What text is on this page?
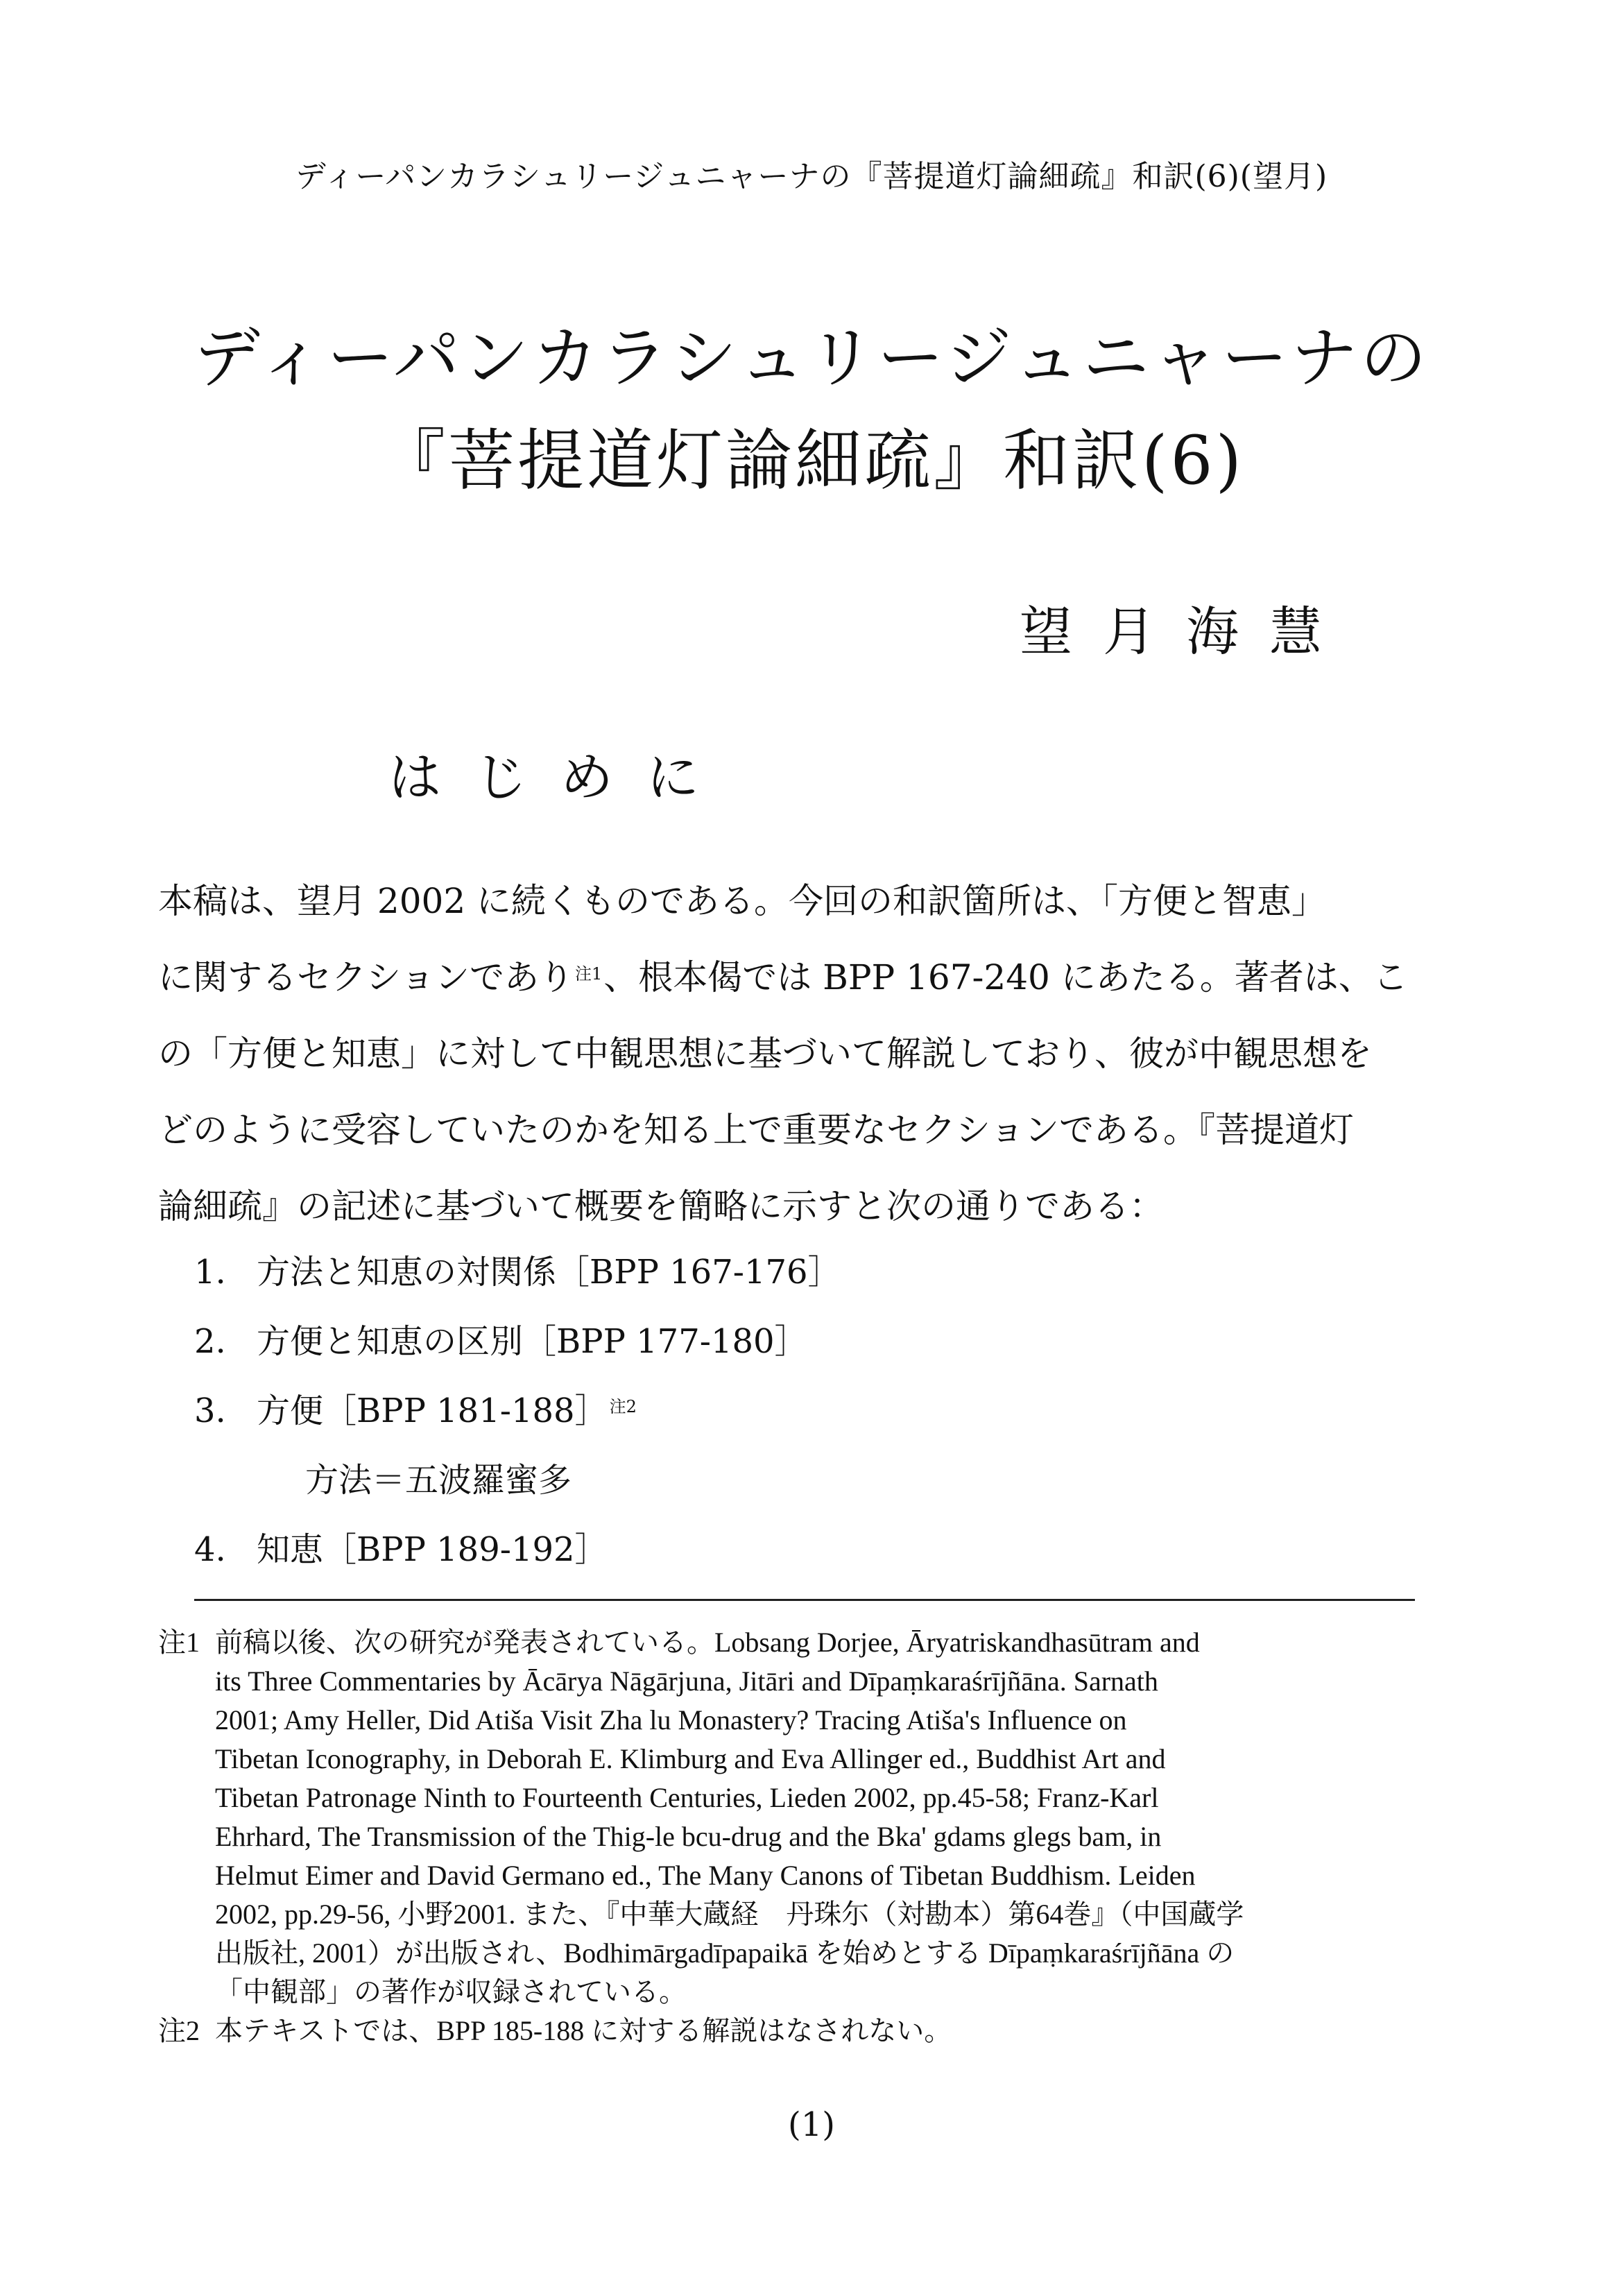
ディーパンカラシュリージュニャーナの『菩提道灯論細疏』和訳(6)(望月)
ディーパンカラシュリージュニャーナの
『菩提道灯論細疏』和訳(6)
望月海慧
はじめに
本稿は、望月 2002 に続くものである。今回の和訳箇所は、「方便と智恵」
に関するセクションであり$^{注1}$、根本偈では BPP 167-240 にあたる。著者は、こ
の「方便と知恵」に対して中観思想に基づいて解説しており、彼が中観思想を
どのように受容していたのかを知る上で重要なセクションである。『菩提道灯
論細疏』の記述に基づいて概要を簡略に示すと次の通りである：
1. 方法と知恵の対関係［BPP 167-176］
2. 方便と知恵の区別［BPP 177-180］
3. 方便［BPP 181-188］$^{注2}$
方法＝五波羅蜜多
4. 知恵［BPP 189-192］
注1 前稿以後、次の研究が発表されている。Lobsang Dorjee, Āryatriskandhasūtram and
its Three Commentaries by Ācārya Nāgārjuna, Jitāri and Dīpaṃkaraśrījñāna. Sarnath
2001; Amy Heller, Did Atiša Visit Zha lu Monastery? Tracing Atiša's Influence on
Tibetan Iconography, in Deborah E. Klimburg and Eva Allinger ed., Buddhist Art and
Tibetan Patronage Ninth to Fourteenth Centuries, Lieden 2002, pp.45-58; Franz-Karl
Ehrhard, The Transmission of the Thig-le bcu-drug and the Bka' gdams glegs bam, in
Helmut Eimer and David Germano ed., The Many Canons of Tibetan Buddhism. Leiden
2002, pp.29-56, 小野2001. また、『中華大蔵経　丹珠尓（対勘本）第64巻』（中国蔵学
出版社, 2001）が出版され、Bodhimārgadīpapaikā を始めとする Dīpaṃkaraśrījñāna の
「中観部」の著作が収録されている。
注2 本テキストでは、BPP 185-188 に対する解説はなされない。
(1)
